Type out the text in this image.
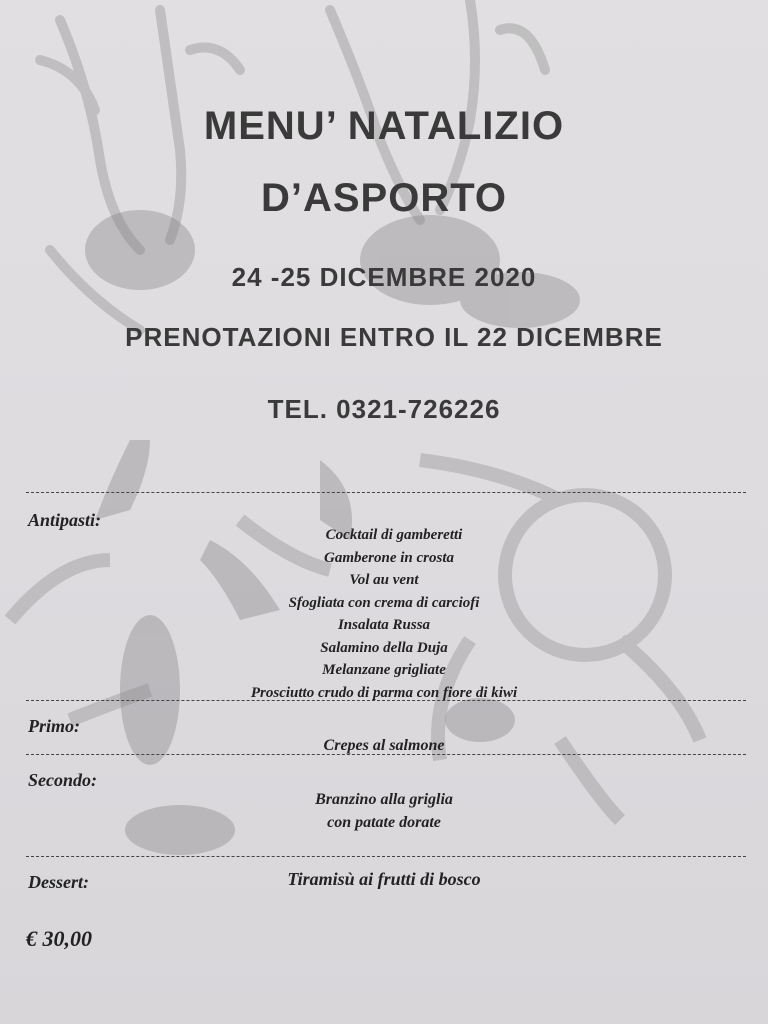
MENU’ NATALIZIO
D’ASPORTO
24 -25 DICEMBRE 2020
PRENOTAZIONI ENTRO IL 22 DICEMBRE
TEL. 0321-726226
Antipasti:
Cocktail di gamberetti
Gamberone in crosta
Vol au vent
Sfogliata con crema di carciofi
Insalata Russa
Salamino della Duja
Melanzane grigliate
Prosciutto crudo di parma con fiore di kiwi
Primo:
Crepes al salmone
Secondo:
Branzino alla griglia
con patate dorate
Dessert:	Tiramisù ai frutti di bosco
€ 30,00
